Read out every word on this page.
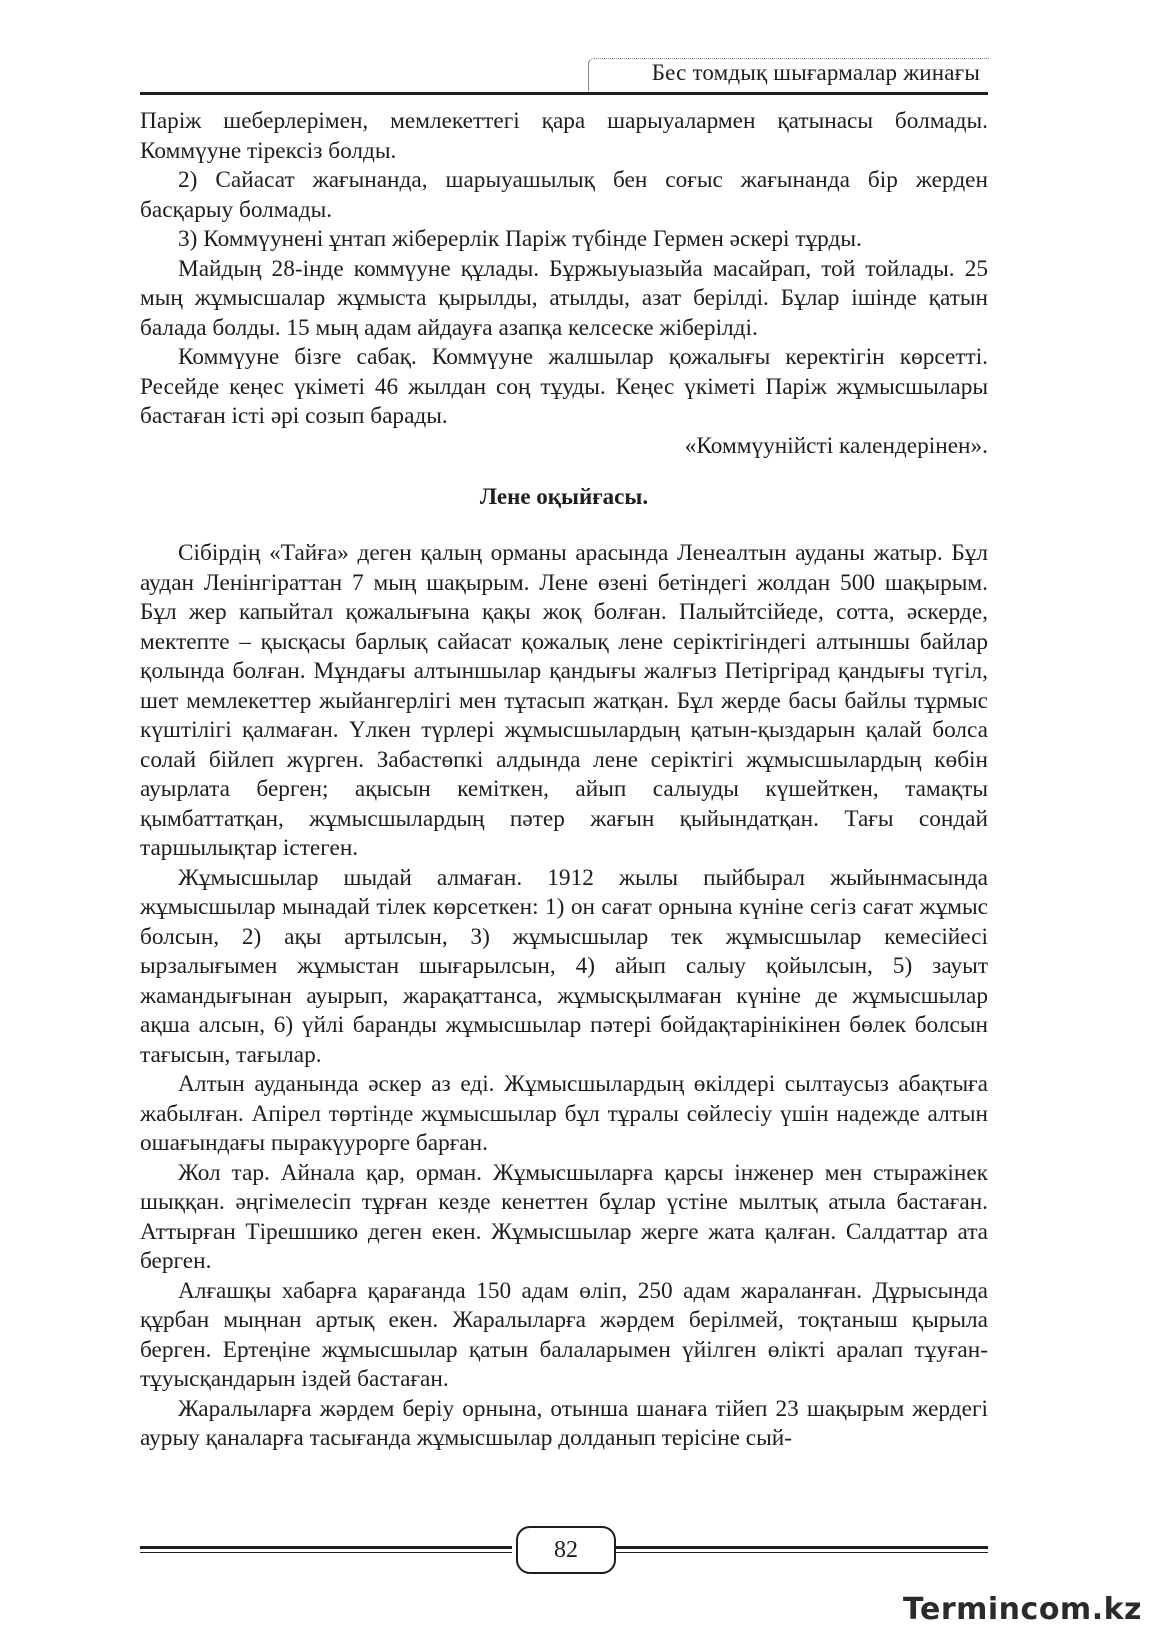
Бес томдық шығармалар жинағы

Паріж шеберлерімен, мемлекеттегі қара шарыуалармен қатынасы болмады. Коммүуне тірексіз болды.

2) Сайасат жағынанда, шарыуашылық бен соғыс жағынанда бір жерден басқарыу болмады.

3) Коммүунені ұнтап жіберерлік Паріж түбінде Гермен әскері тұрды.

Майдың 28-інде коммүуне құлады. Бұржыуыазыйа масайрап, той тойлады. 25 мың жұмысшалар жұмыста қырылды, атылды, азат берілді. Бұлар ішінде қатын балада болды. 15 мың адам айдауға азапқа келсеске жіберілді.

Коммүуне бізге сабақ. Коммүуне жалшылар қожалығы керектігін көрсетті. Ресейде кеңес үкіметі 46 жылдан соң тұуды. Кеңес үкіметі Паріж жұмысшылары бастаған істі әрі созып барады.

«Коммүунійсті календерінен».

Лене оқыйғасы.

Сібірдің «Тайға» деген қалың орманы арасында Ленеалтын ауданы жатыр. Бұл аудан Ленінгіраттан 7 мың шақырым. Лене өзені бетіндегі жолдан 500 шақырым. Бұл жер капыйтал қожалығына қақы жоқ болған. Палыйтсійеде, сотта, әскерде, мектепте – қысқасы барлық сайасат қожалық лене серіктігіндегі алтыншы байлар қолында болған. Мұндағы алтыншылар қандығы жалғыз Петіргірад қандығы түгіл, шет мемлекеттер жыйангерлігі мен тұтасып жатқан. Бұл жерде басы байлы тұрмыс күштілігі қалмаған. Үлкен түрлері жұмысшылардың қатын-қыздарын қалай болса солай бійлеп жүрген. Забастөпкі алдында лене серіктігі жұмысшылардың көбін ауырлата берген; ақысын кеміткен, айып салыуды күшейткен, тамақты қымбаттатқан, жұмысшылардың пәтер жағын қыйындатқан. Тағы сондай таршылықтар істеген.

Жұмысшылар шыдай алмаған. 1912 жылы пыйбырал жыйынмасында жұмысшылар мынадай тілек көрсеткен: 1) он сағат орнына күніне сегіз сағат жұмыс болсын, 2) ақы артылсын, 3) жұмысшылар тек жұмысшылар кемесійесі ырзалығымен жұмыстан шығарылсын, 4) айып салыу қойылсын, 5) зауыт жамандығынан ауырып, жарақаттанса, жұмысқылмаған күніне де жұмысшылар ақша алсын, 6) үйлі баранды жұмысшылар пәтері бойдақтарінікінен бөлек болсын тағысын, тағылар.

Алтын ауданында әскер аз еді. Жұмысшылардың өкілдері сылтаусыз абақтыға жабылған. Апірел төртінде жұмысшылар бұл тұралы сөйлесіу үшін надежде алтын ошағындағы пыракүурорге барған.

Жол тар. Айнала қар, орман. Жұмысшыларға қарсы інженер мен стыражінек шыққан. әңгімелесіп тұрған кезде кенеттен бұлар үстіне мылтық атыла бастаған. Аттырған Тірешшико деген екен. Жұмысшылар жерге жата қалған. Салдаттар ата берген.

Алғашқы хабарға қарағанда 150 адам өліп, 250 адам жараланған. Дұрысында құрбан мыңнан артық екен. Жаралыларға жәрдем берілмей, тоқтаныш қырыла берген. Ертеңіне жұмысшылар қатын балаларымен үйілген өлікті аралап тұуған-тұуысқандарын іздей бастаған.

Жаралыларға жәрдем беріу орнына, отынша шанаға тійеп 23 шақырым жердегі аурыу қаналарға тасығанда жұмысшылар долданып терісіне сый-

82
Termincom.kz
